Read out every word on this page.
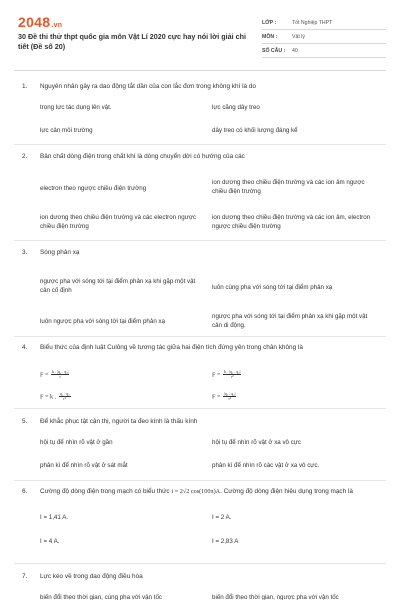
2048.vn
30 Đề thi thử thpt quốc gia môn Vật Lí 2020 cực hay nói lời giải chi tiết (Đề số 20)
LỚP :	Tốt Nghiệp THPT
MÔN :	Vật lý
SỐ CÂU :	40
1.	Nguyên nhân gây ra dao động tắt dần của con lắc đơn trong không khí là do
trọng lực tác dụng lên vật.	lực căng dây treo
lực cản môi trường	dây treo có khối lượng đáng kể
2.	Bản chất dòng điện trong chất khí là dòng chuyển dời có hướng của các
electron theo ngược chiều điện trường
ion dương theo chiều điện trường và các ion âm ngược chiều điện trường
ion dương theo chiều điện trường và các electron ngược chiều điện trường
ion dương theo chiều điện trường và các ion âm, electron ngược chiều điện trường
3.	Sóng phản xạ
ngược pha với sóng tới tại điểm phản xạ khi gặp một vật cản cố định	luôn cùng pha với sóng tới tại điểm phản xạ
luôn ngược pha với sóng tới tại điểm phản xạ
ngược pha với sóng tới tại điểm phản xạ khi gặp một vật cản di động.
4.	Biểu thức của định luật Culông về tương tác giữa hai điện tích đứng yên trong chân không là
$F = \frac{\text{k . |q₁ . q₂|}}{r}$	$F = \frac{\text{k . |q₁ . q₂|}}{\text{r²}}$
F = k . $\frac{\text{q₁ . q₂}}{\text{r²}}$	$F = \frac{\text{|q₁ . q₂|}}{\text{r²}}$
5.	Để khắc phục tật cận thị, người ta đeo kính là thấu kính
hội tụ để nhìn rõ vật ở gần	hội tụ để nhìn rõ vật ở xa vô cực
phân kì để nhìn rõ vật ở sát mắt	phân kì để nhìn rõ các vật ở xa vô cực.
6.	Cường độ dòng điện trong mạch có biểu thức i = 2√2 cos(100π)A. Cường độ dòng điện hiệu dụng trong mạch là
I = 1,41 A.	I = 2 A.
I = 4 A.	I = 2,83 A
7.	Lực kéo về trong dao động điều hòa
biến đổi theo thời gian, cùng pha với vận tốc	biến đổi theo thời gian, ngược pha với vận tốc
